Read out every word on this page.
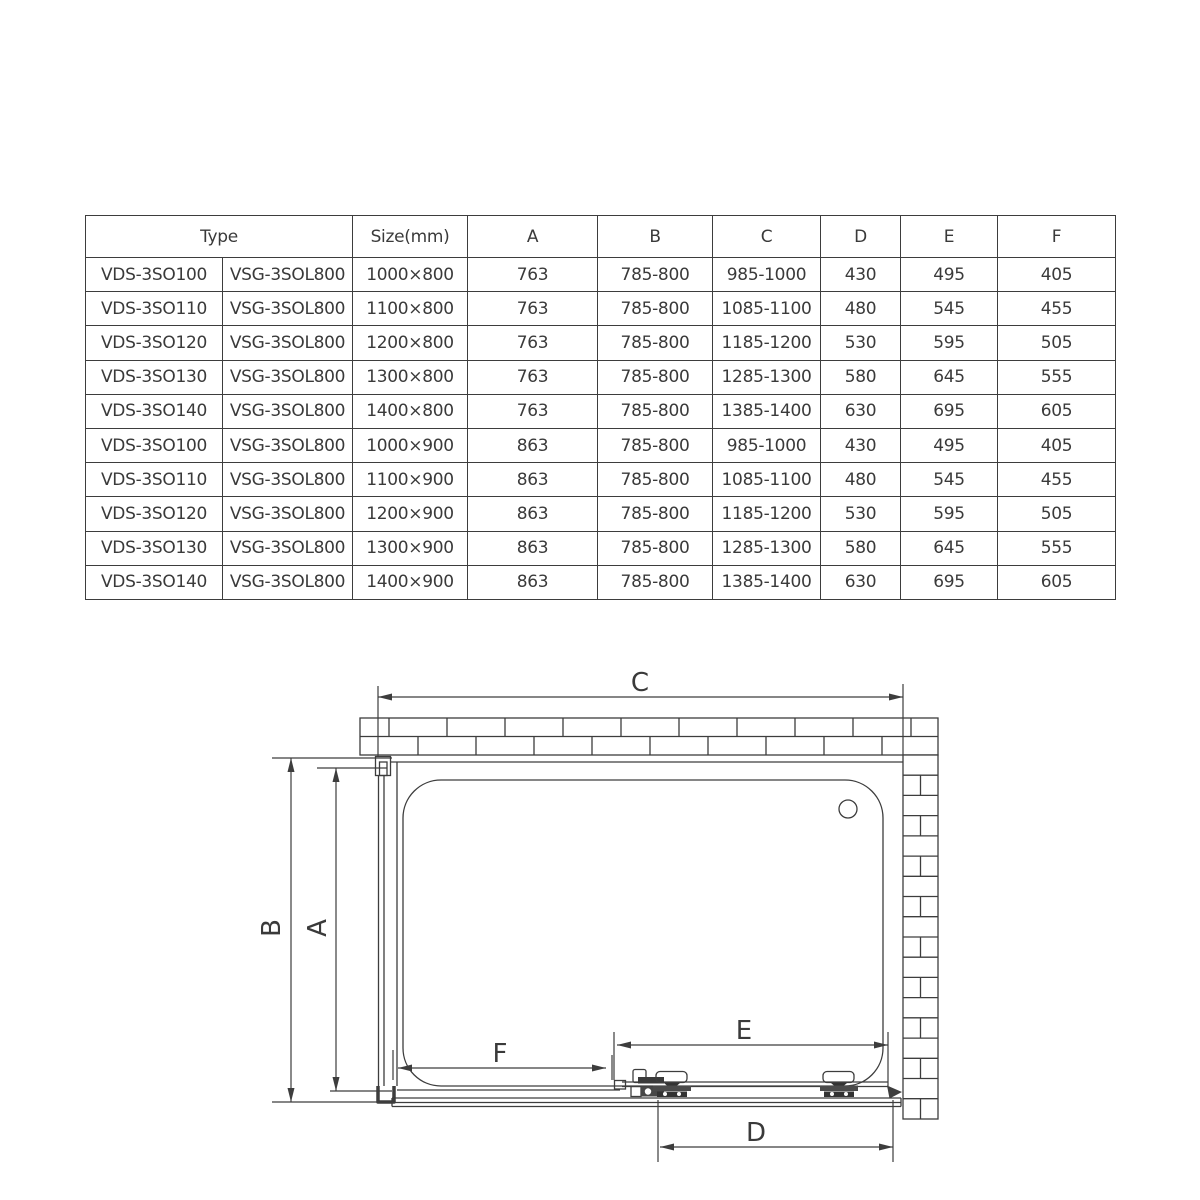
Type		Size(mm)	A	B	C	D	E	F
VDS-3SO100	VSG-3SOL800	1000×800	763	785-800	985-1000	430	495	405
VDS-3SO110	VSG-3SOL800	1100×800	763	785-800	1085-1100	480	545	455
VDS-3SO120	VSG-3SOL800	1200×800	763	785-800	1185-1200	530	595	505
VDS-3SO130	VSG-3SOL800	1300×800	763	785-800	1285-1300	580	645	555
VDS-3SO140	VSG-3SOL800	1400×800	763	785-800	1385-1400	630	695	605
VDS-3SO100	VSG-3SOL800	1000×900	863	785-800	985-1000	430	495	405
VDS-3SO110	VSG-3SOL800	1100×900	863	785-800	1085-1100	480	545	455
VDS-3SO120	VSG-3SOL800	1200×900	863	785-800	1185-1200	530	595	505
VDS-3SO130	VSG-3SOL800	1300×900	863	785-800	1285-1300	580	645	555
VDS-3SO140	VSG-3SOL800	1400×900	863	785-800	1385-1400	630	695	605
C
B A
F
E
D
